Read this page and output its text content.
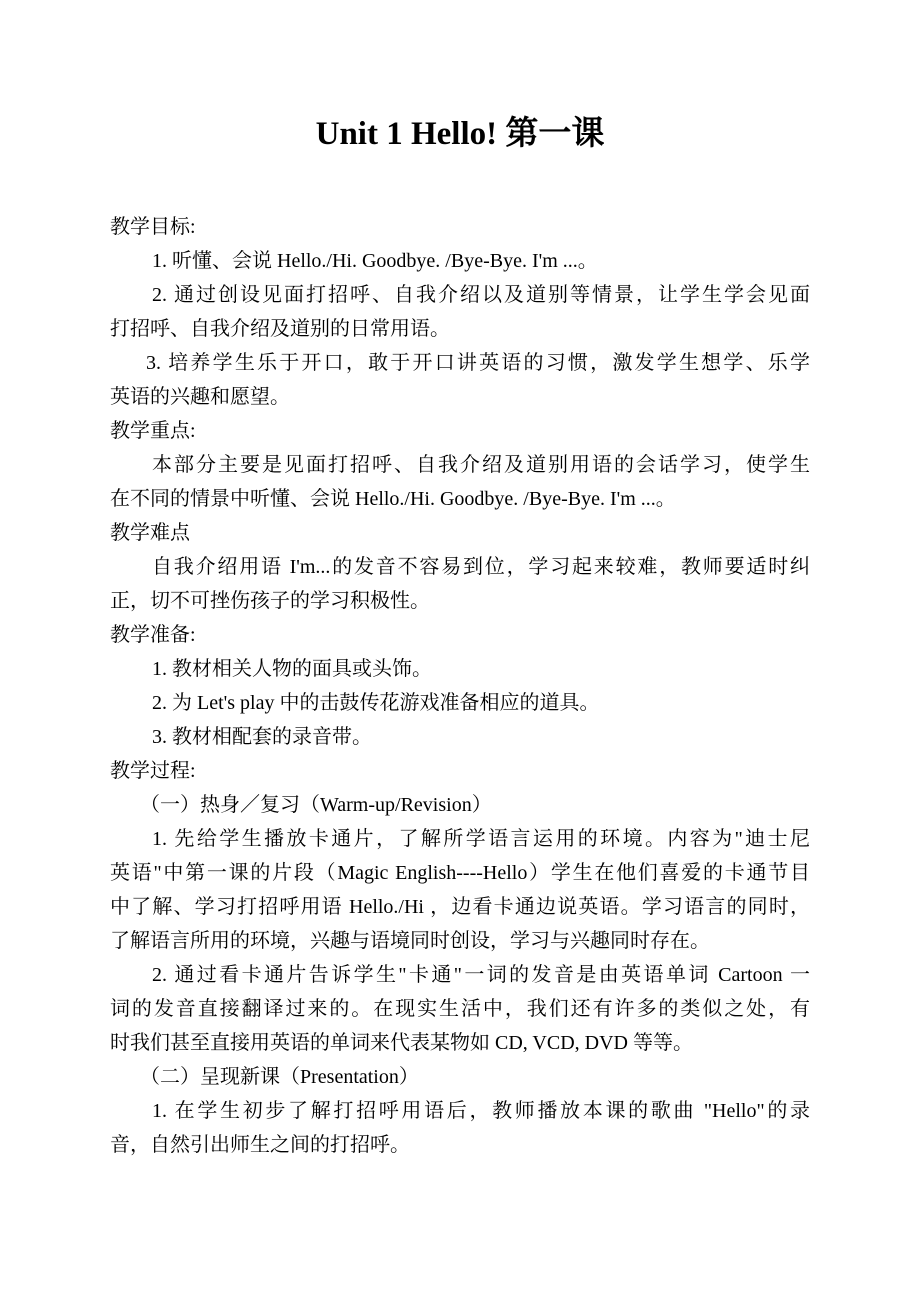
Unit 1 Hello! 第一课

教学目标:

1. 听懂、会说 Hello./Hi. Goodbye. /Bye-Bye. I'm ...。

2. 通过创设见面打招呼、自我介绍以及道别等情景，让学生学会见面

打招呼、自我介绍及道别的日常用语。

3. 培养学生乐于开口，敢于开口讲英语的习惯，激发学生想学、乐学

英语的兴趣和愿望。

教学重点:

本部分主要是见面打招呼、自我介绍及道别用语的会话学习，使学生

在不同的情景中听懂、会说 Hello./Hi. Goodbye. /Bye-Bye. I'm ...。

教学难点

自我介绍用语 I'm...的发音不容易到位，学习起来较难，教师要适时纠

正，切不可挫伤孩子的学习积极性。

教学准备:

1. 教材相关人物的面具或头饰。

2. 为 Let's play 中的击鼓传花游戏准备相应的道具。

3. 教材相配套的录音带。

教学过程:

（一）热身／复习（Warm-up/Revision）

1. 先给学生播放卡通片，了解所学语言运用的环境。内容为"迪士尼

英语"中第一课的片段（Magic English----Hello）学生在他们喜爱的卡通节目

中了解、学习打招呼用语 Hello./Hi ，边看卡通边说英语。学习语言的同时，

了解语言所用的环境，兴趣与语境同时创设，学习与兴趣同时存在。

2. 通过看卡通片告诉学生"卡通"一词的发音是由英语单词 Cartoon 一

词的发音直接翻译过来的。在现实生活中，我们还有许多的类似之处，有

时我们甚至直接用英语的单词来代表某物如 CD, VCD, DVD 等等。

（二）呈现新课（Presentation）

1. 在学生初步了解打招呼用语后，教师播放本课的歌曲 "Hello"的录

音，自然引出师生之间的打招呼。
